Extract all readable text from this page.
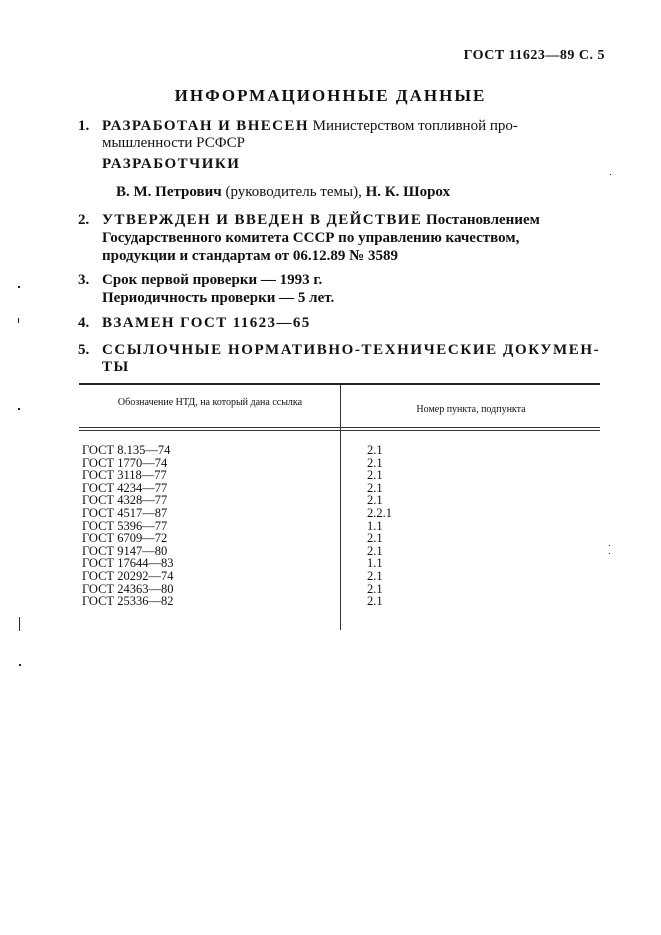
ГОСТ 11623—89 С. 5
ИНФОРМАЦИОННЫЕ ДАННЫЕ
1. РАЗРАБОТАН И ВНЕСЕН Министерством топливной про-
мышленности РСФСР
РАЗРАБОТЧИКИ
В. М. Петрович (руководитель темы), Н. К. Шорох
2. УТВЕРЖДЕН И ВВЕДЕН В ДЕЙСТВИЕ Постановлением
Государственного комитета СССР по управлению качеством,
продукции и стандартам от 06.12.89 № 3589
3. Срок первой проверки — 1993 г.
Периодичность проверки — 5 лет.
4. ВЗАМЕН ГОСТ 11623—65
5. ССЫЛОЧНЫЕ НОРМАТИВНО-ТЕХНИЧЕСКИЕ ДОКУМЕН-
ТЫ
Обозначение НТД, на который дана ссылка
Номер пункта, подпункта
ГОСТ 8.135—74
ГОСТ 1770—74
ГОСТ 3118—77
ГОСТ 4234—77
ГОСТ 4328—77
ГОСТ 4517—87
ГОСТ 5396—77
ГОСТ 6709—72
ГОСТ 9147—80
ГОСТ 17644—83
ГОСТ 20292—74
ГОСТ 24363—80
ГОСТ 25336—82
2.1
2.1
2.1
2.1
2.1
2.2.1
1.1
2.1
2.1
1.1
2.1
2.1
2.1
